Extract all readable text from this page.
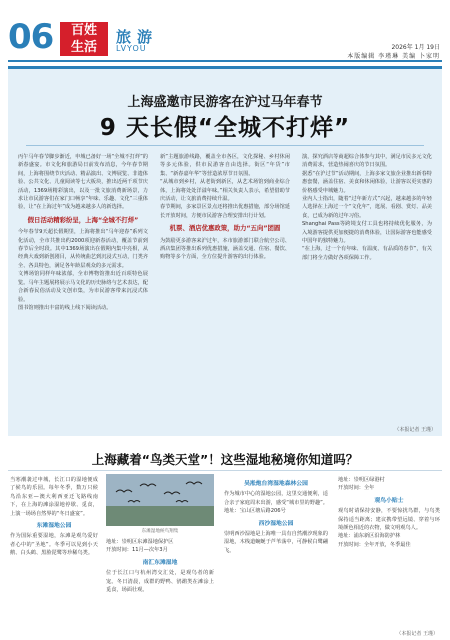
06	百姓
生活
旅游
LVYOU	2026年 1月 19日
本版编辑 李瑾琳 美编 卜家明
上海盛邀市民游客在沪过马年春节
9 天长假“全城不打烊”

丙午马年春节脚步渐近，申城已备好一场“全城不打烊”的新春盛宴。市文化和旅游局日前发布消息，今年春节期间，上海将围绕节庆活动、精品演出、文博展览、非遗体验、公共文化、儿童阅读等七大板块，推出近两千项节庆活动，1369场精彩演出，以及一批文旅消费新场景，力求让市民游客们在家门口畅享“年味、乐趣、文化”三重体验，让“在上海过年”成为越来越多人的新选择。

假日活动精彩纷呈，上海“全城不打烊”

今年春节9天超长假期里，上海将推出“马年迎春”系列文化活动，全市共推出约2000项迎新春活动，覆盖节前到春节后全时段。其中1369场演出在假期内集中亮相，从经典大戏到新创剧目，从传统曲艺到沉浸式互动，门类齐全、各具特色，满足各年龄层观众的多元需求。

文博场馆同样年味浓郁，全市博物馆推出近百项特色展览。马年主题展将展示马文化的历史脉络与艺术表达，配合新春民俗活动及文创市集，为市民游客带来沉浸式体验。

图书馆则推出丰富的线上线下阅读活动。

新”主题旅游线路，覆盖全市各区，文化探秘、乡村休闲等多元体验，供市民游客自由选择。街区“年货”市集、“新春嘉年华”等营造浓厚节日氛围。

“从城市到乡村，从老街到新区，从艺术场馆到商业综合体，上海将处处洋溢年味。”相关负责人表示，希望借助节庆活动，让文旅消费持续升温。

春节期间，多家景区景点还将推出优惠措施，部分场馆延长开放时间，方便市民游客合理安排出行计划。

机票、酒店优惠政策，助力“五向”团圆

为鼓励更多游客来沪过年，本市旅游部门联合航空公司、酒店集团等推出系列优惠措施，涵盖交通、住宿、餐饮、购物等多个方面，全方位提升游客的出行体验。

演，探究酒店等商超综合体参与其中，满足市民多元文化消费需求，营造热闹喜庆的节日氛围。

据悉“在沪过节”活动期间，上海多家文旅企业推出新春特惠套餐，涵盖住宿、美食和休闲体验，让游客以更实惠的价格感受申城魅力。

业内人士指出，随着“过年新方式”兴起，越来越多的年轻人选择在上海过一个“文化年”，逛展、看剧、赏灯、品美食，已成为新的过年习俗。

Shanghai Pass等跨境支付工具也将持续优化服务，为入境游客提供更加便捷的消费体验，让国际游客也能感受中国年的独特魅力。

“在上海，过一个有年味、有温度、有品质的春节”，有关部门将全力做好各项保障工作。

（本报记者 王瑾）
上海藏着“鸟类天堂”！这些湿地秘境你知道吗？

当寒潮袭过申城，长江口的湿地便成了候鸟的乐园。每年冬季，数万只候鸟沿东亚—澳大利西亚迁飞路线南下，在上海的滩涂湿地停歇、觅食，上演一场场自然界的“冬日盛宴”。

东滩湿地公园

作为国际重要湿地，东滩是观鸟爱好者心中的“圣地”。冬季可以见到小天鹅、白头鹤、黑脸琵鹭等珍稀鸟类。

东滩湿地候鸟翔集

地址：崇明区东滩湿地保护区

开放时间：11月—次年3月

南汇东滩湿地

位于长江口与杭州湾交汇处，是观鸟者的新宠。冬日清晨，成群的野鸭、鸻鹬类在滩涂上觅食，场面壮观。

吴淞炮台湾湿地森林公园

作为城市中心的湿地公园，这里交通便利，适合亲子家庭周末出游，感受“城市里的野趣”。

地址：宝山区塘后路206号

西沙湿地公园

崇明西沙湿地是上海唯一具有自然潮汐现象的湿地，木栈道蜿蜒于芦苇荡中，可静候白鹭翩飞。

地址：崇明区绿港村

开放时间：全年

观鸟小贴士

观鸟时请保持安静，不要惊扰鸟群，与鸟类保持适当距离；建议携带望远镜、穿着与环境颜色相近的衣物，做文明观鸟人。

地址：浦东新区沿海防护林

开放时间：全年开放，冬季最佳

（本报记者 王瑾）
